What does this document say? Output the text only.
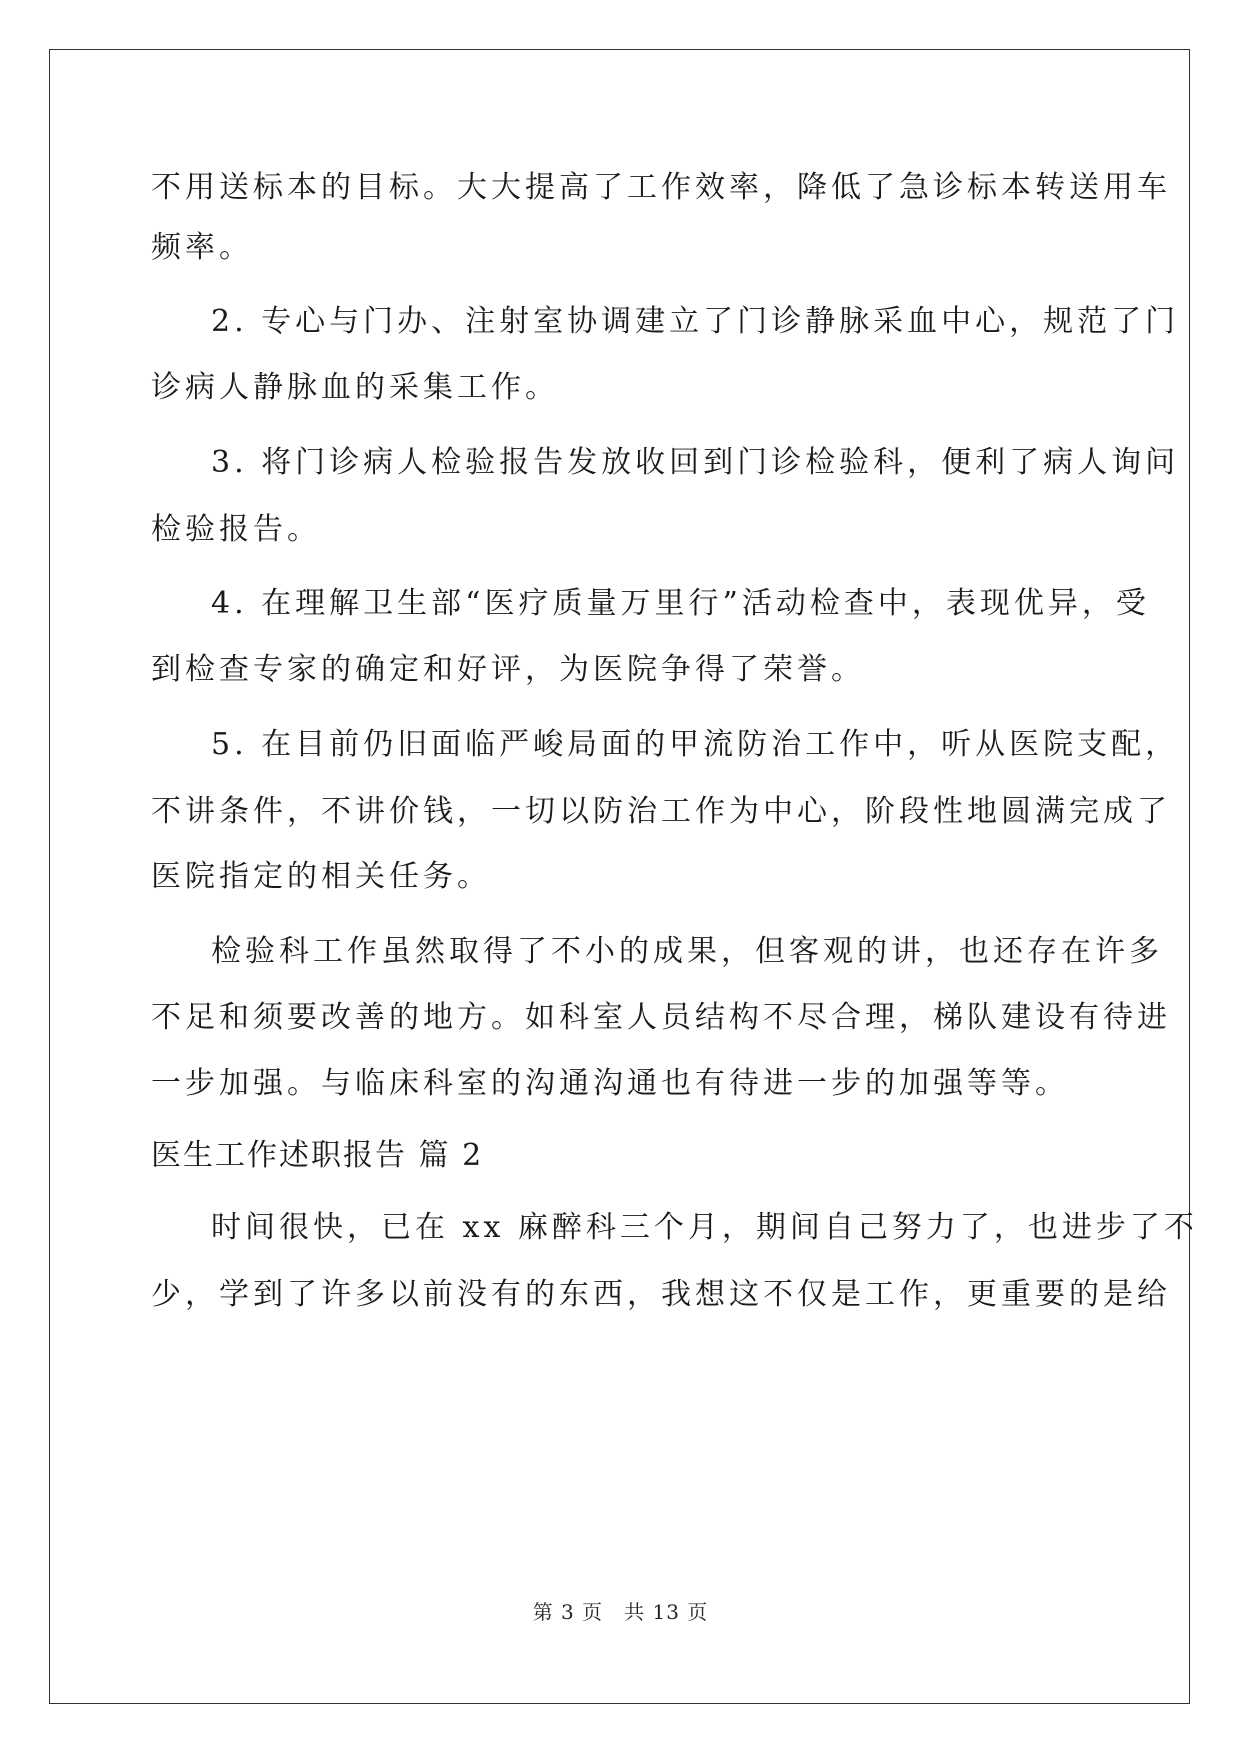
不用送标本的目标。大大提高了工作效率，降低了急诊标本转送用车
频率。
2. 专心与门办、注射室协调建立了门诊静脉采血中心，规范了门
诊病人静脉血的采集工作。
3. 将门诊病人检验报告发放收回到门诊检验科，便利了病人询问
检验报告。
4. 在理解卫生部“医疗质量万里行”活动检查中，表现优异，受
到检查专家的确定和好评，为医院争得了荣誉。
5. 在目前仍旧面临严峻局面的甲流防治工作中，听从医院支配，
不讲条件，不讲价钱，一切以防治工作为中心，阶段性地圆满完成了
医院指定的相关任务。
检验科工作虽然取得了不小的成果，但客观的讲，也还存在许多
不足和须要改善的地方。如科室人员结构不尽合理，梯队建设有待进
一步加强。与临床科室的沟通沟通也有待进一步的加强等等。
医生工作述职报告 篇 2
时间很快，已在 xx 麻醉科三个月，期间自己努力了，也进步了不
少，学到了许多以前没有的东西，我想这不仅是工作，更重要的是给
第 3 页　共 13 页
